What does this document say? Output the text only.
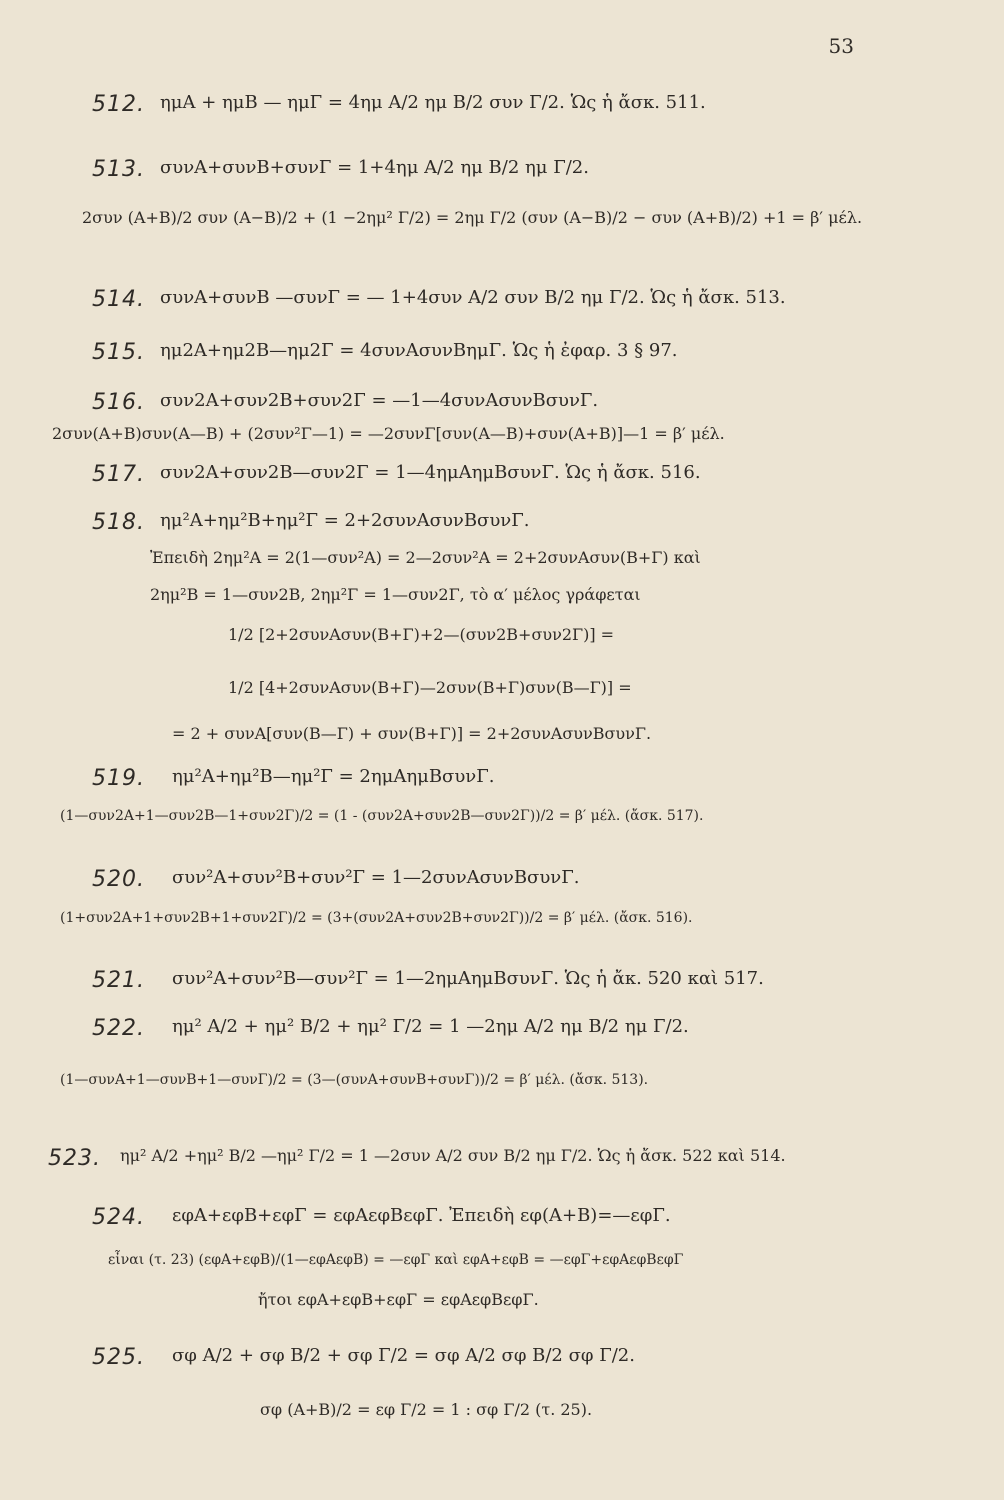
53
512. ημΑ + ημΒ — ημΓ = 4ημ A/2 ημ B/2 συν Γ/2. Ὡς ἡ ἄσκ. 511.
513. συνΑ+συνΒ+συνΓ = 1+4ημ A/2 ημ B/2 ημ Γ/2.
2συν (A+B)/2 συν (A−B)/2 + (1 −2ημ² Γ/2) = 2ημ Γ/2 (συν (A−B)/2 − συν (A+B)/2) +1 = β′ μέλ.
514. συνΑ+συνΒ —συνΓ = — 1+4συν A/2 συν B/2 ημ Γ/2. Ὡς ἡ ἄσκ. 513.
515. ημ2Α+ημ2Β—ημ2Γ = 4συνΑσυνΒημΓ. Ὡς ἡ ἐφαρ. 3 § 97.
516. συν2Α+συν2Β+συν2Γ = —1—4συνΑσυνΒσυνΓ.
2συν(Α+Β)συν(Α—Β) + (2συν²Γ—1) = —2συνΓ[συν(Α—Β)+συν(Α+Β)]—1 = β′ μέλ.
517. συν2Α+συν2Β—συν2Γ = 1—4ημΑημΒσυνΓ. Ὡς ἡ ἄσκ. 516.
518. ημ²Α+ημ²Β+ημ²Γ = 2+2συνΑσυνΒσυνΓ.
Ἐπειδὴ 2ημ²Α = 2(1—συν²Α) = 2—2συν²Α = 2+2συνΑσυν(Β+Γ) καὶ
2ημ²Β = 1—συν2Β, 2ημ²Γ = 1—συν2Γ, τὸ α′ μέλος γράφεται
1/2 [2+2συνΑσυν(Β+Γ)+2—(συν2Β+συν2Γ)] =
1/2 [4+2συνΑσυν(Β+Γ)—2συν(Β+Γ)συν(Β—Γ)] =
= 2 + συνΑ[συν(Β—Γ) + συν(Β+Γ)] = 2+2συνΑσυνΒσυνΓ.
519. ημ²Α+ημ²Β—ημ²Γ = 2ημΑημΒσυνΓ.
(1—συν2Α+1—συν2Β—1+συν2Γ)/2 = (1 - (συν2Α+συν2Β—συν2Γ))/2 = β′ μέλ. (ἄσκ. 517).
520. συν²Α+συν²Β+συν²Γ = 1—2συνΑσυνΒσυνΓ.
(1+συν2Α+1+συν2Β+1+συν2Γ)/2 = (3+(συν2Α+συν2Β+συν2Γ))/2 = β′ μέλ. (ἄσκ. 516).
521. συν²Α+συν²Β—συν²Γ = 1—2ημΑημΒσυνΓ. Ὡς ἡ ἄκ. 520 καὶ 517.
522. ημ² A/2 + ημ² B/2 + ημ² Γ/2 = 1 —2ημ A/2 ημ B/2 ημ Γ/2.
(1—συνΑ+1—συνΒ+1—συνΓ)/2 = (3—(συνΑ+συνΒ+συνΓ))/2 = β′ μέλ. (ἄσκ. 513).
523. ημ² A/2 +ημ² B/2 —ημ² Γ/2 = 1 —2συν A/2 συν B/2 ημ Γ/2. Ὡς ἡ ἄσκ. 522 καὶ 514.
524. εφΑ+εφΒ+εφΓ = εφΑεφΒεφΓ. Ἐπειδὴ εφ(Α+Β)=—εφΓ.
εἶναι (τ. 23) (εφΑ+εφΒ)/(1—εφΑεφΒ) = —εφΓ καὶ εφΑ+εφΒ = —εφΓ+εφΑεφΒεφΓ
ἤτοι εφΑ+εφΒ+εφΓ = εφΑεφΒεφΓ.
525. σφ A/2 + σφ B/2 + σφ Γ/2 = σφ A/2 σφ B/2 σφ Γ/2.
σφ (A+B)/2 = εφ Γ/2 = 1 : σφ Γ/2 (τ. 25).
